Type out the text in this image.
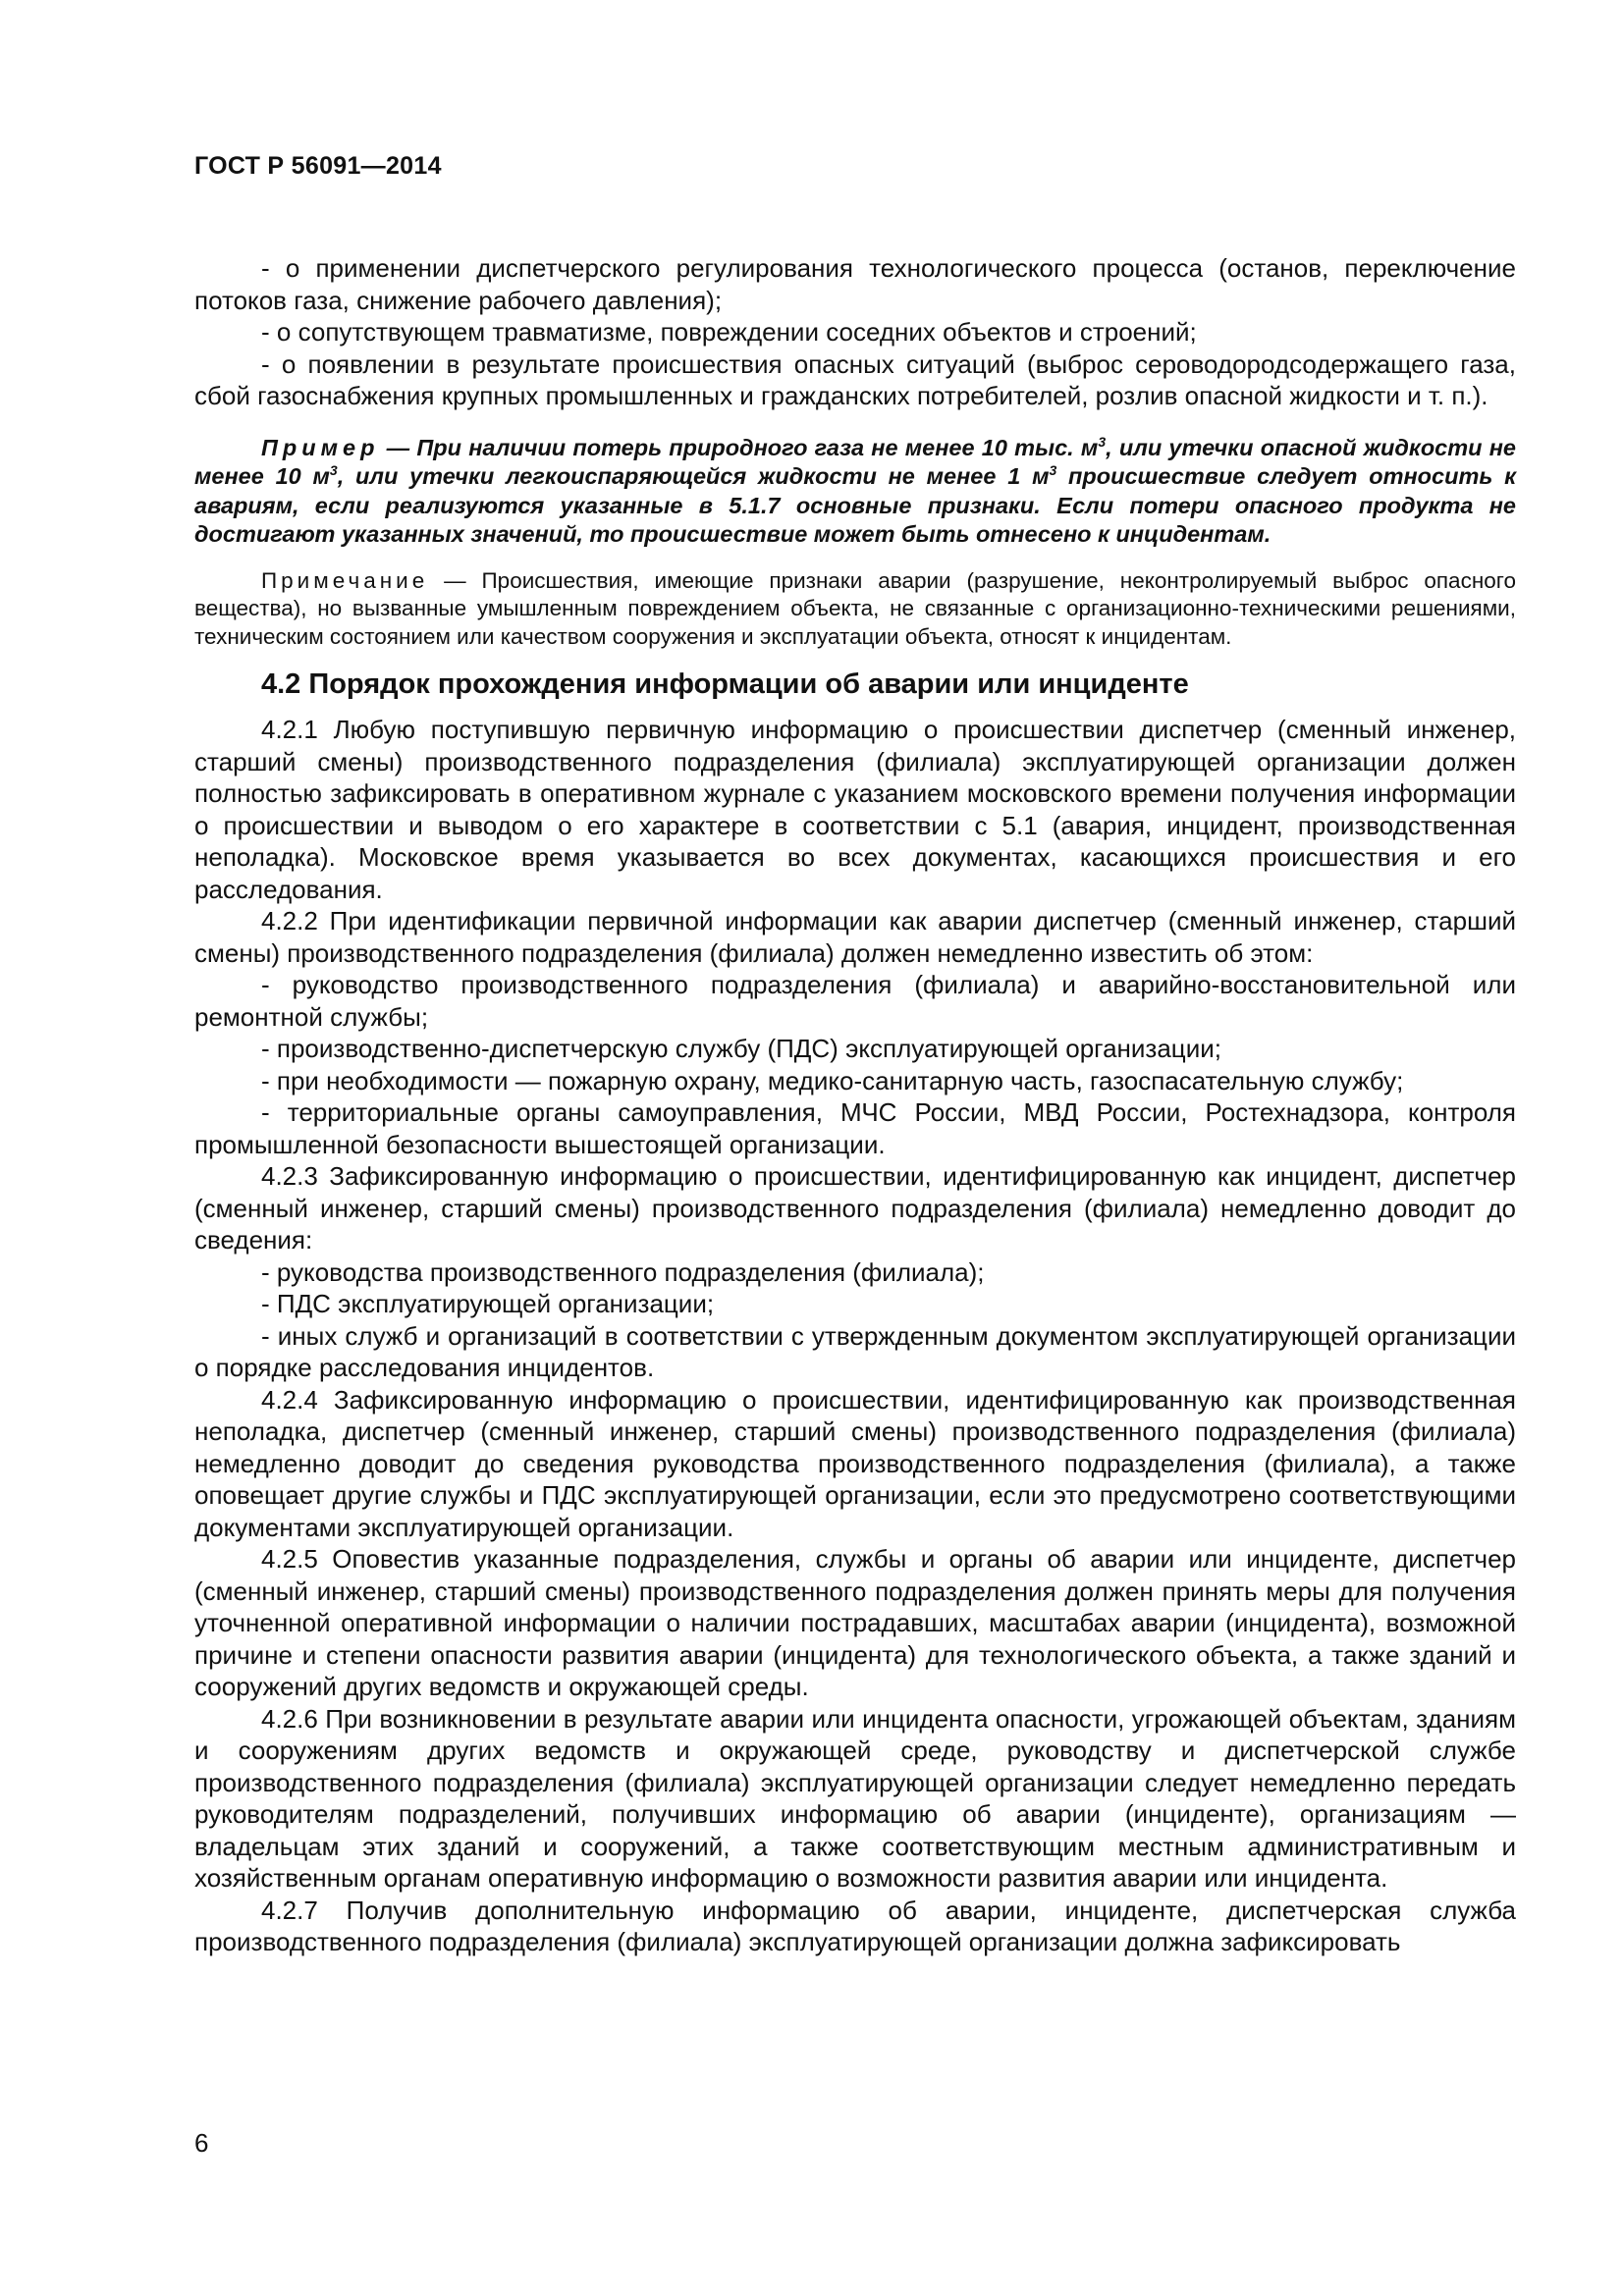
ГОСТ Р 56091—2014

- о применении диспетчерского регулирования технологического процесса (останов, переключение потоков газа, снижение рабочего давления);

- о сопутствующем травматизме, повреждении соседних объектов и строений;

- о появлении в результате происшествия опасных ситуаций (выброс сероводородсодержащего газа, сбой газоснабжения крупных промышленных и гражданских потребителей, розлив опасной жидкости и т. п.).

Пример — При наличии потерь природного газа не менее 10 тыс. $м^3$, или утечки опасной жидкости не менее 10 $м^3$, или утечки легкоиспаряющейся жидкости не менее 1 $м^3$ происшествие следует относить к авариям, если реализуются указанные в 5.1.7 основные признаки. Если потери опасного продукта не достигают указанных значений, то происшествие может быть отнесено к инцидентам.

Примечание — Происшествия, имеющие признаки аварии (разрушение, неконтролируемый выброс опасного вещества), но вызванные умышленным повреждением объекта, не связанные с организационно-техническими решениями, техническим состоянием или качеством сооружения и эксплуатации объекта, относят к инцидентам.

4.2 Порядок прохождения информации об аварии или инциденте

4.2.1 Любую поступившую первичную информацию о происшествии диспетчер (сменный инженер, старший смены) производственного подразделения (филиала) эксплуатирующей организации должен полностью зафиксировать в оперативном журнале с указанием московского времени получения информации о происшествии и выводом о его характере в соответствии с 5.1 (авария, инцидент, производственная неполадка). Московское время указывается во всех документах, касающихся происшествия и его расследования.

4.2.2 При идентификации первичной информации как аварии диспетчер (сменный инженер, старший смены) производственного подразделения (филиала) должен немедленно известить об этом:

- руководство производственного подразделения (филиала) и аварийно-восстановительной или ремонтной службы;

- производственно-диспетчерскую службу (ПДС) эксплуатирующей организации;

- при необходимости — пожарную охрану, медико-санитарную часть, газоспасательную службу;

- территориальные органы самоуправления, МЧС России, МВД России, Ростехнадзора, контроля промышленной безопасности вышестоящей организации.

4.2.3 Зафиксированную информацию о происшествии, идентифицированную как инцидент, диспетчер (сменный инженер, старший смены) производственного подразделения (филиала) немедленно доводит до сведения:

- руководства производственного подразделения (филиала);

- ПДС эксплуатирующей организации;

- иных служб и организаций в соответствии с утвержденным документом эксплуатирующей организации о порядке расследования инцидентов.

4.2.4 Зафиксированную информацию о происшествии, идентифицированную как производственная неполадка, диспетчер (сменный инженер, старший смены) производственного подразделения (филиала) немедленно доводит до сведения руководства производственного подразделения (филиала), а также оповещает другие службы и ПДС эксплуатирующей организации, если это предусмотрено соответствующими документами эксплуатирующей организации.

4.2.5 Оповестив указанные подразделения, службы и органы об аварии или инциденте, диспетчер (сменный инженер, старший смены) производственного подразделения должен принять меры для получения уточненной оперативной информации о наличии пострадавших, масштабах аварии (инцидента), возможной причине и степени опасности развития аварии (инцидента) для технологического объекта, а также зданий и сооружений других ведомств и окружающей среды.

4.2.6 При возникновении в результате аварии или инцидента опасности, угрожающей объектам, зданиям и сооружениям других ведомств и окружающей среде, руководству и диспетчерской службе производственного подразделения (филиала) эксплуатирующей организации следует немедленно передать руководителям подразделений, получивших информацию об аварии (инциденте), организациям — владельцам этих зданий и сооружений, а также соответствующим местным административным и хозяйственным органам оперативную информацию о возможности развития аварии или инцидента.

4.2.7 Получив дополнительную информацию об аварии, инциденте, диспетчерская служба производственного подразделения (филиала) эксплуатирующей организации должна зафиксировать

6
